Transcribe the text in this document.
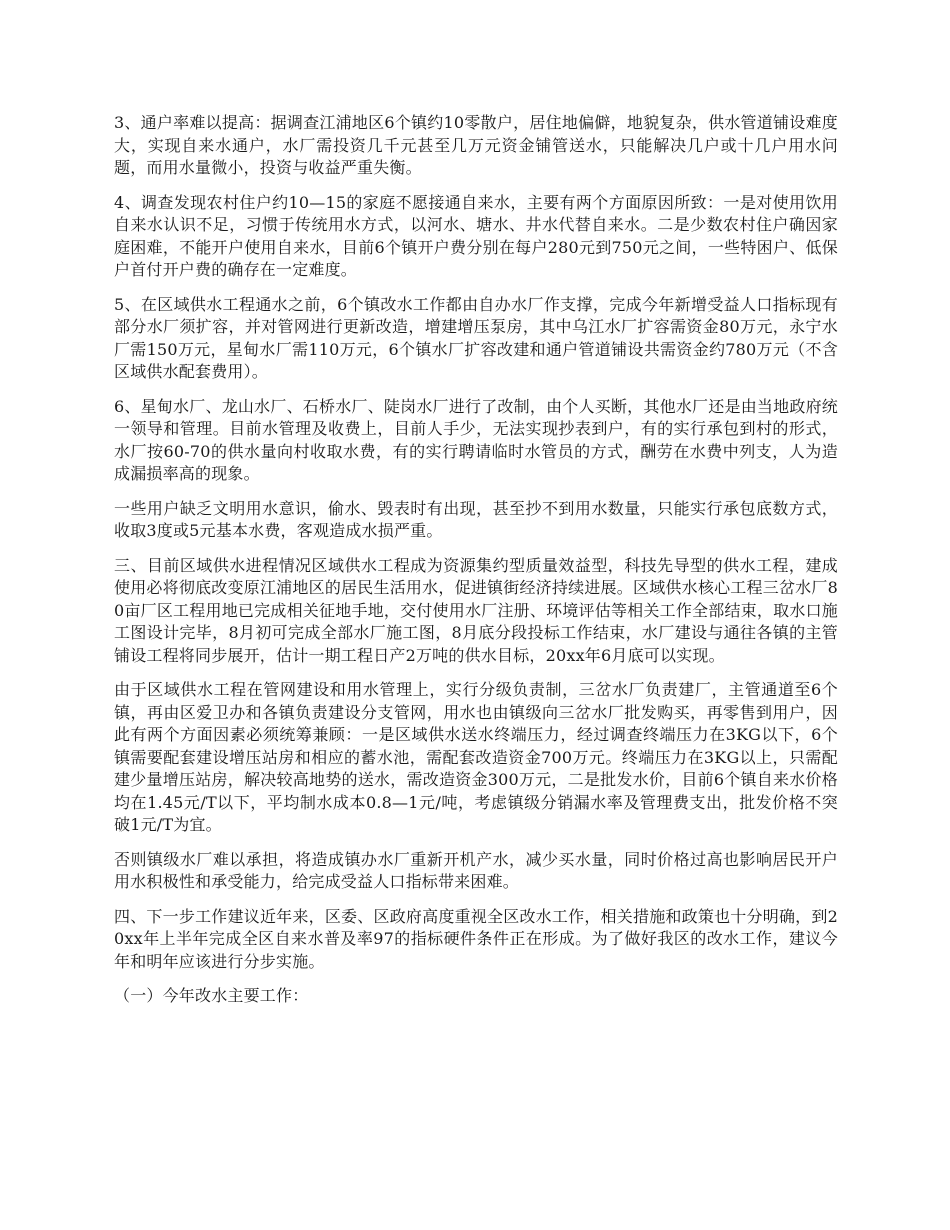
3、通户率难以提高：据调查江浦地区6个镇约10零散户，居住地偏僻，地貌复杂，供水管道铺设难度大，实现自来水通户，水厂需投资几千元甚至几万元资金铺管送水，只能解决几户或十几户用水问题，而用水量微小，投资与收益严重失衡。

4、调查发现农村住户约10—15的家庭不愿接通自来水，主要有两个方面原因所致：一是对使用饮用自来水认识不足，习惯于传统用水方式，以河水、塘水、井水代替自来水。二是少数农村住户确因家庭困难，不能开户使用自来水，目前6个镇开户费分别在每户280元到750元之间，一些特困户、低保户首付开户费的确存在一定难度。

5、在区域供水工程通水之前，6个镇改水工作都由自办水厂作支撑，完成今年新增受益人口指标现有部分水厂须扩容，并对管网进行更新改造，增建增压泵房，其中乌江水厂扩容需资金80万元，永宁水厂需150万元，星甸水厂需110万元，6个镇水厂扩容改建和通户管道铺设共需资金约780万元（不含区域供水配套费用）。

6、星甸水厂、龙山水厂、石桥水厂、陡岗水厂进行了改制，由个人买断，其他水厂还是由当地政府统一领导和管理。目前水管理及收费上，目前人手少，无法实现抄表到户，有的实行承包到村的形式，水厂按60-70的供水量向村收取水费，有的实行聘请临时水管员的方式，酬劳在水费中列支，人为造成漏损率高的现象。

一些用户缺乏文明用水意识，偷水、毁表时有出现，甚至抄不到用水数量，只能实行承包底数方式，收取3度或5元基本水费，客观造成水损严重。

三、目前区域供水进程情况区域供水工程成为资源集约型质量效益型，科技先导型的供水工程，建成使用必将彻底改变原江浦地区的居民生活用水，促进镇街经济持续进展。区域供水核心工程三岔水厂80亩厂区工程用地已完成相关征地手地，交付使用水厂注册、环境评估等相关工作全部结束，取水口施工图设计完毕，8月初可完成全部水厂施工图，8月底分段投标工作结束，水厂建设与通往各镇的主管铺设工程将同步展开，估计一期工程日产2万吨的供水目标，20xx年6月底可以实现。

由于区域供水工程在管网建设和用水管理上，实行分级负责制，三岔水厂负责建厂，主管通道至6个镇，再由区爱卫办和各镇负责建设分支管网，用水也由镇级向三岔水厂批发购买，再零售到用户，因此有两个方面因素必须统筹兼顾：一是区域供水送水终端压力，经过调查终端压力在3KG以下，6个镇需要配套建设增压站房和相应的蓄水池，需配套改造资金700万元。终端压力在3KG以上，只需配建少量增压站房，解决较高地势的送水，需改造资金300万元，二是批发水价，目前6个镇自来水价格均在1.45元/T以下，平均制水成本0.8—1元/吨，考虑镇级分销漏水率及管理费支出，批发价格不突破1元/T为宜。

否则镇级水厂难以承担，将造成镇办水厂重新开机产水，减少买水量，同时价格过高也影响居民开户用水积极性和承受能力，给完成受益人口指标带来困难。

四、下一步工作建议近年来，区委、区政府高度重视全区改水工作，相关措施和政策也十分明确，到20xx年上半年完成全区自来水普及率97的指标硬件条件正在形成。为了做好我区的改水工作，建议今年和明年应该进行分步实施。

（一）今年改水主要工作：
